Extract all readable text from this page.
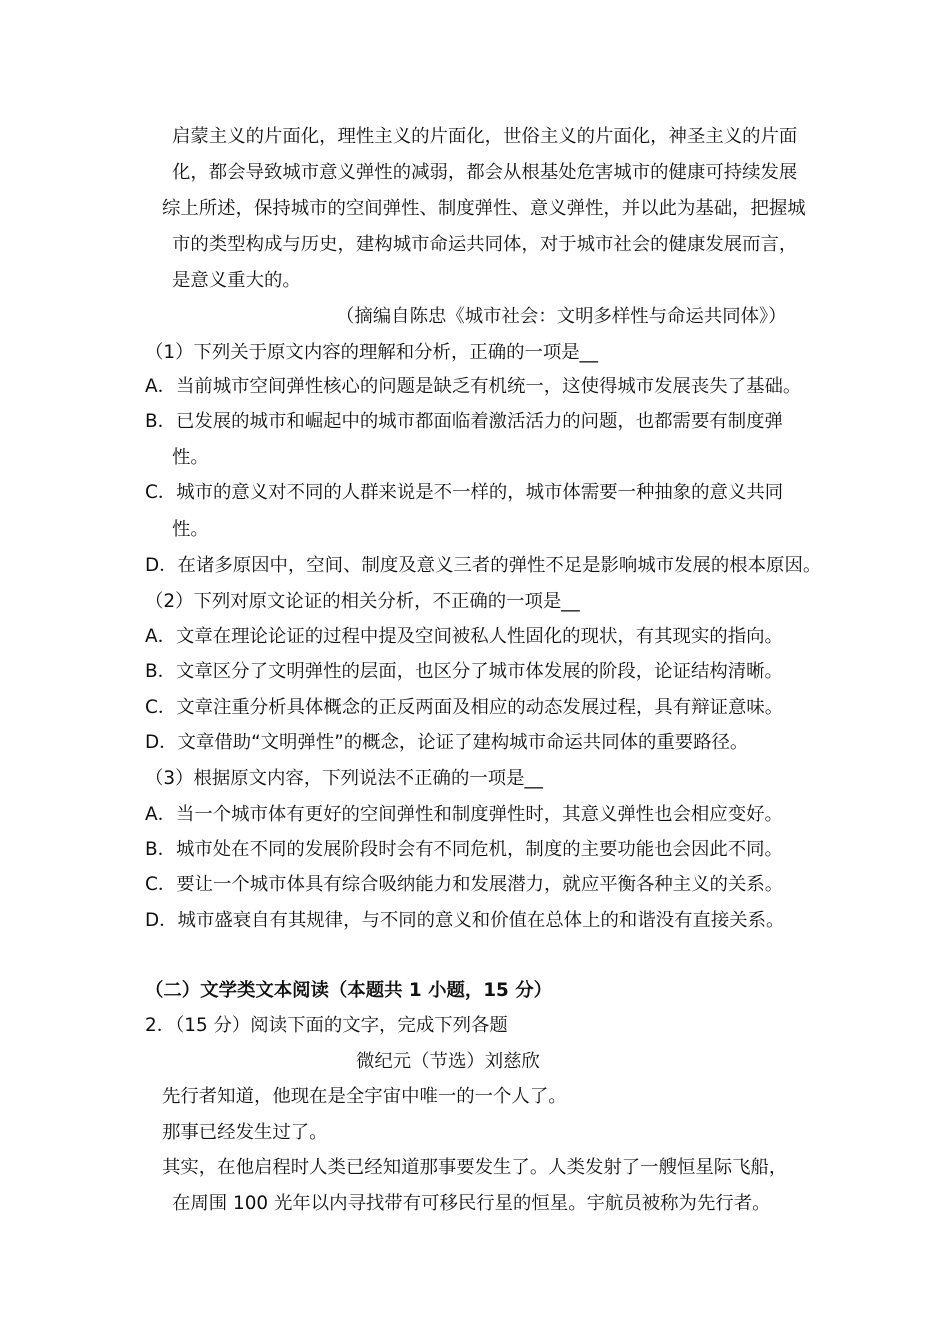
启蒙主义的片面化，理性主义的片面化，世俗主义的片面化，神圣主义的片面
化，都会导致城市意义弹性的减弱，都会从根基处危害城市的健康可持续发展
综上所述，保持城市的空间弹性、制度弹性、意义弹性，并以此为基础，把握城
市的类型构成与历史，建构城市命运共同体，对于城市社会的健康发展而言，
是意义重大的。
（摘编自陈忠《城市社会：文明多样性与命运共同体》）
（1）下列关于原文内容的理解和分析，正确的一项是__
A．当前城市空间弹性核心的问题是缺乏有机统一，这使得城市发展丧失了基础。
B．已发展的城市和崛起中的城市都面临着激活活力的问题，也都需要有制度弹
性。
C．城市的意义对不同的人群来说是不一样的，城市体需要一种抽象的意义共同
性。
D．在诸多原因中，空间、制度及意义三者的弹性不足是影响城市发展的根本原因。
（2）下列对原文论证的相关分析，不正确的一项是__
A．文章在理论论证的过程中提及空间被私人性固化的现状，有其现实的指向。
B．文章区分了文明弹性的层面，也区分了城市体发展的阶段，论证结构清晰。
C．文章注重分析具体概念的正反两面及相应的动态发展过程，具有辩证意味。
D．文章借助“文明弹性”的概念，论证了建构城市命运共同体的重要路径。
（3）根据原文内容，下列说法不正确的一项是__
A．当一个城市体有更好的空间弹性和制度弹性时，其意义弹性也会相应变好。
B．城市处在不同的发展阶段时会有不同危机，制度的主要功能也会因此不同。
C．要让一个城市体具有综合吸纳能力和发展潜力，就应平衡各种主义的关系。
D．城市盛衰自有其规律，与不同的意义和价值在总体上的和谐没有直接关系。
（二）文学类文本阅读（本题共 1 小题，15 分）
2．（15 分）阅读下面的文字，完成下列各题
微纪元（节选）刘慈欣
先行者知道，他现在是全宇宙中唯一的一个人了。
那事已经发生过了。
其实，在他启程时人类已经知道那事要发生了。人类发射了一艘恒星际飞船，
在周围 100 光年以内寻找带有可移民行星的恒星。宇航员被称为先行者。
